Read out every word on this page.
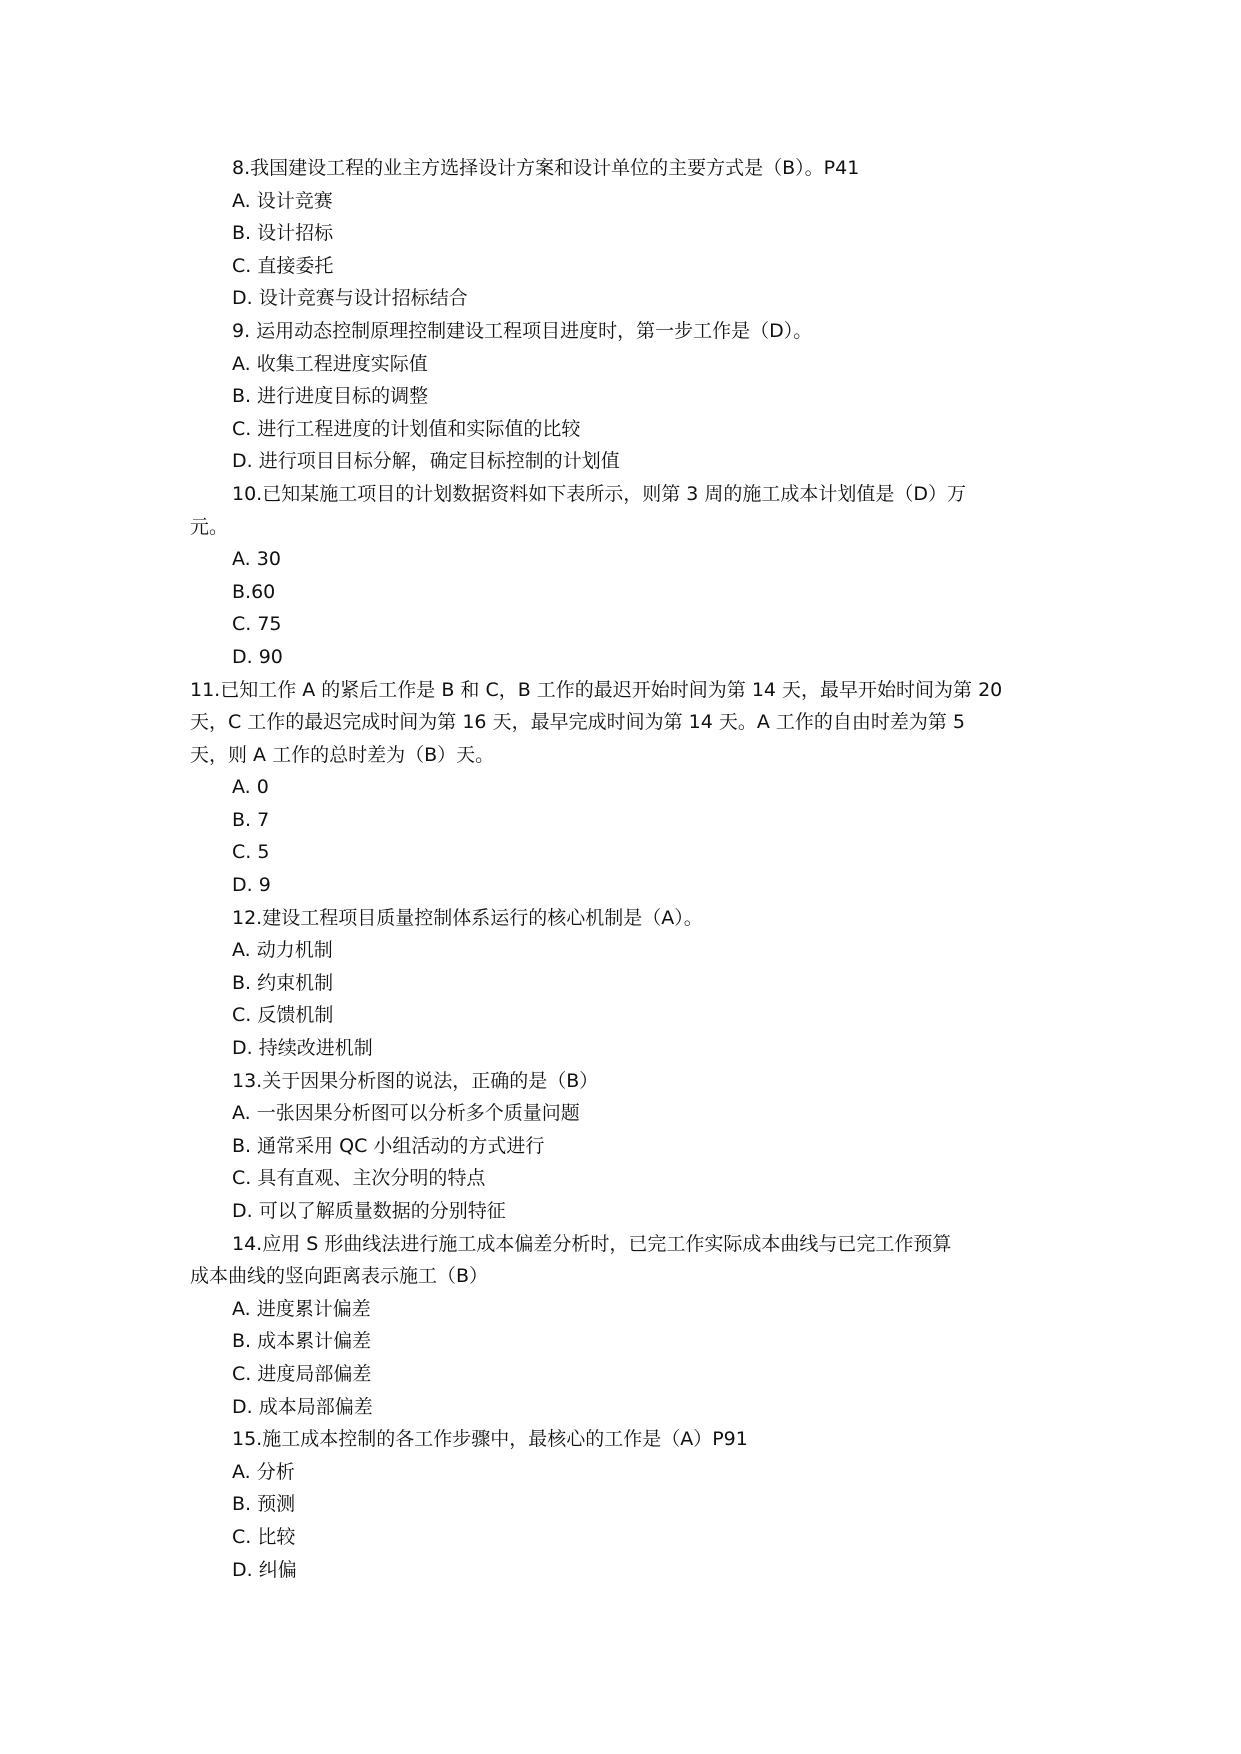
8.我国建设工程的业主方选择设计方案和设计单位的主要方式是（B）。P41
A. 设计竞赛
B. 设计招标
C. 直接委托
D. 设计竞赛与设计招标结合
9. 运用动态控制原理控制建设工程项目进度时，第一步工作是（D）。
A. 收集工程进度实际值
B. 进行进度目标的调整
C. 进行工程进度的计划值和实际值的比较
D. 进行项目目标分解，确定目标控制的计划值
10.已知某施工项目的计划数据资料如下表所示，则第 3 周的施工成本计划值是（D）万
元。
A. 30
B.60
C. 75
D. 90
11.已知工作 A 的紧后工作是 B 和 C，B 工作的最迟开始时间为第 14 天，最早开始时间为第 20
天，C 工作的最迟完成时间为第 16 天，最早完成时间为第 14 天。A 工作的自由时差为第 5
天，则 A 工作的总时差为（B）天。
A. 0
B. 7
C. 5
D. 9
12.建设工程项目质量控制体系运行的核心机制是（A）。
A. 动力机制
B. 约束机制
C. 反馈机制
D. 持续改进机制
13.关于因果分析图的说法，正确的是（B）
A. 一张因果分析图可以分析多个质量问题
B. 通常采用 QC 小组活动的方式进行
C. 具有直观、主次分明的特点
D. 可以了解质量数据的分别特征
14.应用 S 形曲线法进行施工成本偏差分析时，已完工作实际成本曲线与已完工作预算
成本曲线的竖向距离表示施工（B）
A. 进度累计偏差
B. 成本累计偏差
C. 进度局部偏差
D. 成本局部偏差
15.施工成本控制的各工作步骤中，最核心的工作是（A）P91
A. 分析
B. 预测
C. 比较
D. 纠偏
